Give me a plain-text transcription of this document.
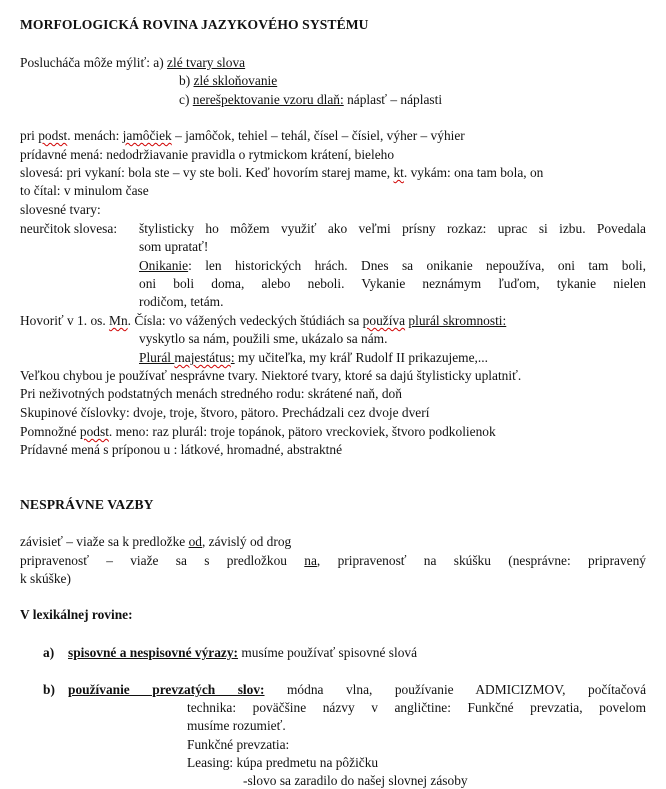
MORFOLOGICKÁ ROVINA JAZYKOVÉHO SYSTÉMU
Poslucháča môže mýliť: a) zlé tvary slova
b) zlé skloňovanie
c) nerešpektovanie vzoru dlaň: náplasť – náplasti
pri podst. menách: jamôčiek – jamôčok, tehiel – tehál, čísel – čísiel, výher – výhier
prídavné mená: nedodržiavanie pravidla o rytmickom krátení, bieleho
slovesá: pri vykaní: bola ste – vy ste boli. Keď hovorím starej mame, kt. vykám: ona tam bola, on
to čítal: v minulom čase
slovesné tvary:
neurčitok slovesa: štylisticky ho môžem využiť ako veľmi prísny rozkaz: uprac si izbu. Povedala
som upratať!
Onikanie: len historických hrách. Dnes sa onikanie nepoužíva, oni tam boli,
oni boli doma, alebo neboli. Vykanie neznámym ľuďom, tykanie nielen
rodičom, tetám.
Hovoriť v 1. os. Mn. Čísla: vo vážených vedeckých štúdiách sa používa plurál skromnosti:
vyskytlo sa nám, použili sme, ukázalo sa nám.
Plurál majestátus: my učiteľka, my kráľ Rudolf II prikazujeme,...
Veľkou chybou je používať nesprávne tvary. Niektoré tvary, ktoré sa dajú štylisticky uplatniť.
Pri neživotných podstatných menách stredného rodu: skrátené naň, doň
Skupinové číslovky: dvoje, troje, štvoro, pätoro. Prechádzali cez dvoje dverí
Pomnožné podst. meno: raz plurál: troje topánok, pätoro vreckoviek, štvoro podkolienok
Prídavné mená s príponou u : látkové, hromadné, abstraktné
NESPRÁVNE VAZBY
závisieť – viaže sa k predložke od, závislý od drog
pripravenosť – viaže sa s predložkou na, pripravenosť na skúšku (nesprávne: pripravený
k skúške)
V lexikálnej rovine:
a) spisovné a nespisovné výrazy: musíme používať spisovné slová
b) používanie prevzatých slov: módna vlna, používanie ADMICIZMOV, počítačová
technika: poväčšine názvy v angličtine: Funkčné prevzatia, povelom
musíme rozumieť.
Funkčné prevzatia:
Leasing: kúpa predmetu na pôžičku
-slovo sa zaradilo do našej slovnej zásoby
